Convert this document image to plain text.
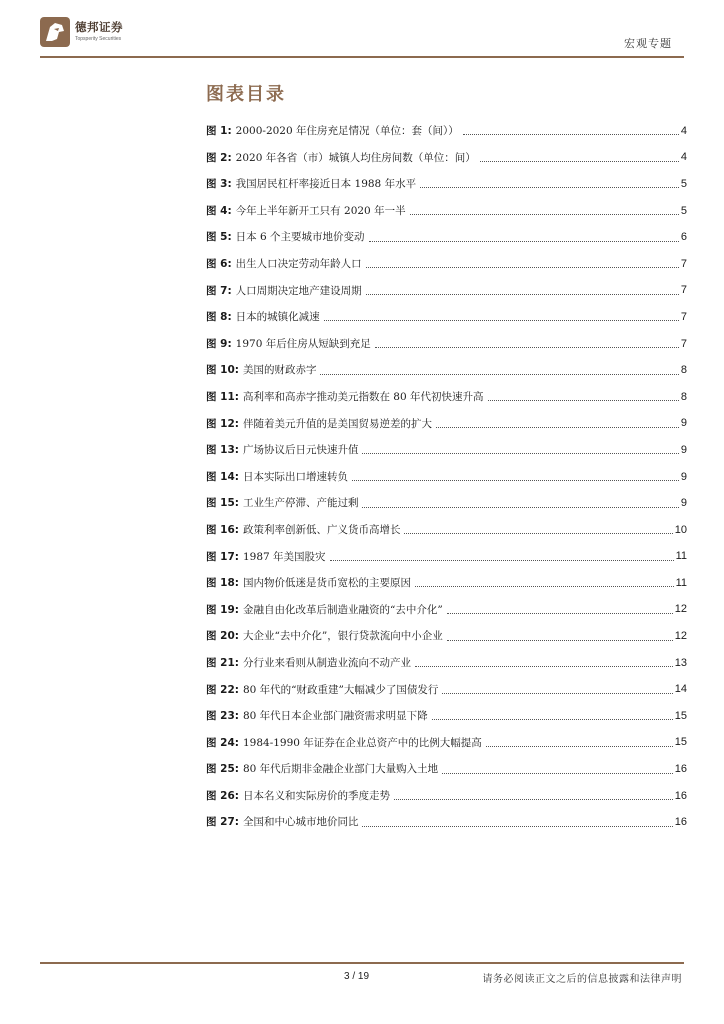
德邦证券
Topsperity Securities	宏观专题
图表目录
图 1: 2000-2020 年住房充足情况（单位：套（间））	4
图 2: 2020 年各省（市）城镇人均住房间数（单位：间）	4
图 3: 我国居民杠杆率接近日本 1988 年水平	5
图 4: 今年上半年新开工只有 2020 年一半	5
图 5: 日本 6 个主要城市地价变动	6
图 6: 出生人口决定劳动年龄人口	7
图 7: 人口周期决定地产建设周期	7
图 8: 日本的城镇化减速	7
图 9: 1970 年后住房从短缺到充足	7
图 10: 美国的财政赤字	8
图 11: 高利率和高赤字推动美元指数在 80 年代初快速升高	8
图 12: 伴随着美元升值的是美国贸易逆差的扩大	9
图 13: 广场协议后日元快速升值	9
图 14: 日本实际出口增速转负	9
图 15: 工业生产停滞、产能过剩	9
图 16: 政策利率创新低、广义货币高增长	10
图 17: 1987 年美国股灾	11
图 18: 国内物价低迷是货币宽松的主要原因	11
图 19: 金融自由化改革后制造业融资的“去中介化”	12
图 20: 大企业“去中介化”，银行贷款流向中小企业	12
图 21: 分行业来看则从制造业流向不动产业	13
图 22: 80 年代的“财政重建”大幅减少了国债发行	14
图 23: 80 年代日本企业部门融资需求明显下降	15
图 24: 1984-1990 年证券在企业总资产中的比例大幅提高	15
图 25: 80 年代后期非金融企业部门大量购入土地	16
图 26: 日本名义和实际房价的季度走势	16
图 27: 全国和中心城市地价同比	16
3 / 19	请务必阅读正文之后的信息披露和法律声明
